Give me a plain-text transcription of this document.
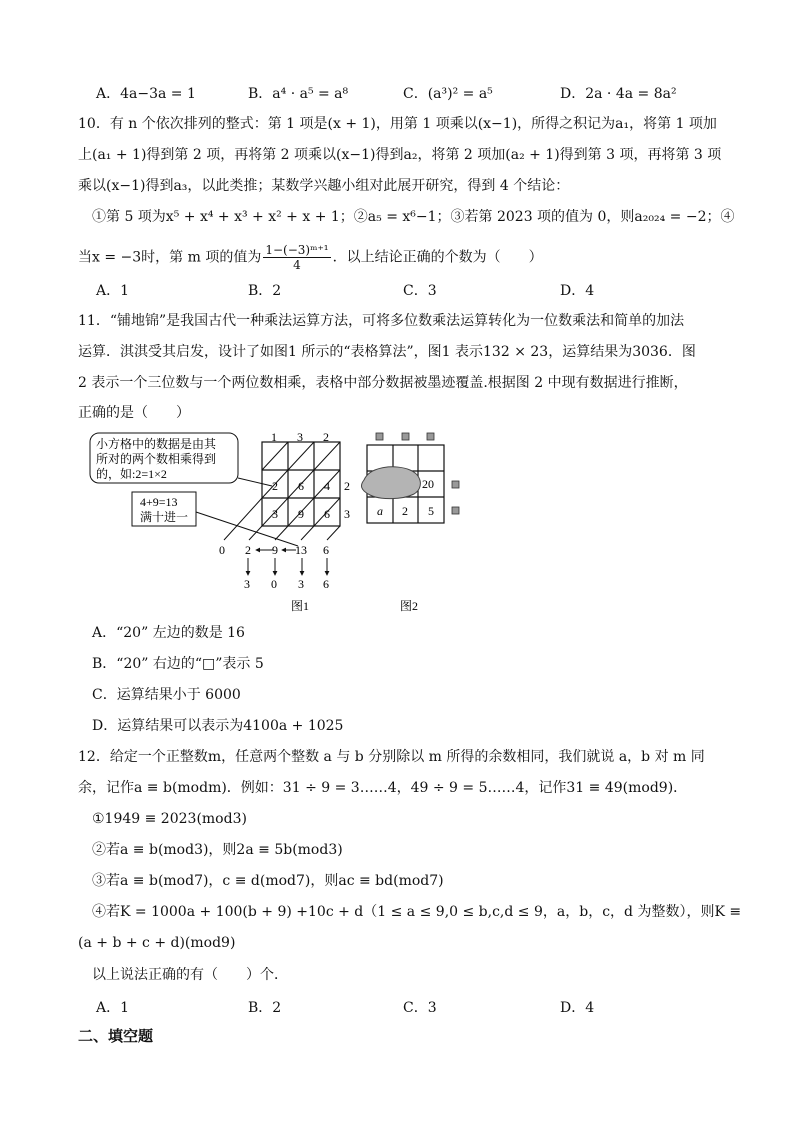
A．4a−3a = 1	B．a⁴ · a⁵ = a⁸	C．(a³)² = a⁵	D．2a · 4a = 8a²
10．有 n 个依次排列的整式：第 1 项是(x + 1)，用第 1 项乘以(x−1)，所得之积记为a₁，将第 1 项加
上(a₁ + 1)得到第 2 项，再将第 2 项乘以(x−1)得到a₂，将第 2 项加(a₂ + 1)得到第 3 项，再将第 3 项
乘以(x−1)得到a₃，以此类推；某数学兴趣小组对此展开研究，得到 4 个结论：
①第 5 项为x⁵ + x⁴ + x³ + x² + x + 1；②a₅ = x⁶−1；③若第 2023 项的值为 0，则a₂₀₂₄ = −2；④
当x = −3时，第 m 项的值为 $\frac{\text{1−(−3)ᵐ⁺¹}}{4}$ ．以上结论正确的个数为（　　）
A．1	B．2	C．3	D．4
11．“铺地锦”是我国古代一种乘法运算方法，可将多位数乘法运算转化为一位数乘法和简单的加法
运算．淇淇受其启发，设计了如图1 所示的“表格算法”，图1 表示132 × 23，运算结果为3036．图
2 表示一个三位数与一个两位数相乘，表格中部分数据被墨迹覆盖.根据图 2 中现有数据进行推断，
正确的是（　　）
小方格中的数据是由其
所对的两个数相乘得到
的，如:2=1×2
4+9=13
满十进一
1 3 2
2 6 4
3 9 6
2
3
0 2 9 13 6
3 0 3 6
图1
20
a 2 5
图2
A．“20” 左边的数是 16
B．“20” 右边的“□”表示 5
C．运算结果小于 6000
D．运算结果可以表示为4100a + 1025
12．给定一个正整数m，任意两个整数 a 与 b 分别除以 m 所得的余数相同，我们就说 a，b 对 m 同
余，记作a ≡ b(modm)．例如：31 ÷ 9 = 3……4，49 ÷ 9 = 5……4，记作31 ≡ 49(mod9)．
①1949 ≡ 2023(mod3)
②若a ≡ b(mod3)，则2a ≡ 5b(mod3)
③若a ≡ b(mod7)，c ≡ d(mod7)，则ac ≡ bd(mod7)
④若K = 1000a + 100(b + 9) +10c + d（1 ≤ a ≤ 9,0 ≤ b,c,d ≤ 9，a，b，c，d 为整数），则K ≡
(a + b + c + d)(mod9)
以上说法正确的有（　　）个．
A．1	B．2	C．3	D．4
二、填空题
